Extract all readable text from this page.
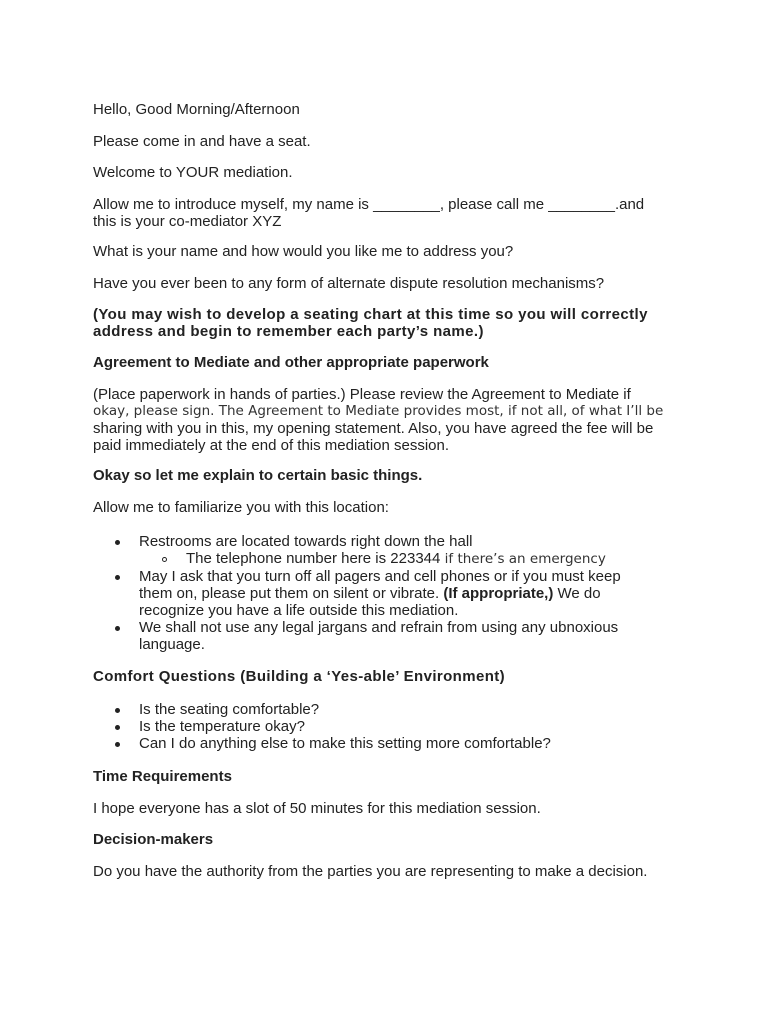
Hello, Good Morning/Afternoon

Please come in and have a seat.

Welcome to YOUR mediation.

Allow me to introduce myself, my name is ________, please call me ________.and this is your co-mediator XYZ

What is your name and how would you like me to address you?

Have you ever been to any form of alternate dispute resolution mechanisms?

(You may wish to develop a seating chart at this time so you will correctly address and begin to remember each party’s name.)

Agreement to Mediate and other appropriate paperwork

(Place paperwork in hands of parties.) Please review the Agreement to Mediate if

okay, please sign. The Agreement to Mediate provides most, if not all, of what I’ll be

sharing with you in this, my opening statement. Also, you have agreed the fee will be paid immediately at the end of this mediation session.

Okay so let me explain to certain basic things.

Allow me to familiarize you with this location:

Restrooms are located towards right down the hall
The telephone number here is 223344 if there’s an emergency
May I ask that you turn off all pagers and cell phones or if you must keep them on, please put them on silent or vibrate. (If appropriate,) We do recognize you have a life outside this mediation.
We shall not use any legal jargans and refrain from using any ubnoxious language.

Comfort Questions (Building a ‘Yes-able’ Environment)

Is the seating comfortable?
Is the temperature okay?
Can I do anything else to make this setting more comfortable?

Time Requirements

I hope everyone has a slot of 50 minutes for this mediation session.

Decision-makers

Do you have the authority from the parties you are representing to make a decision.
